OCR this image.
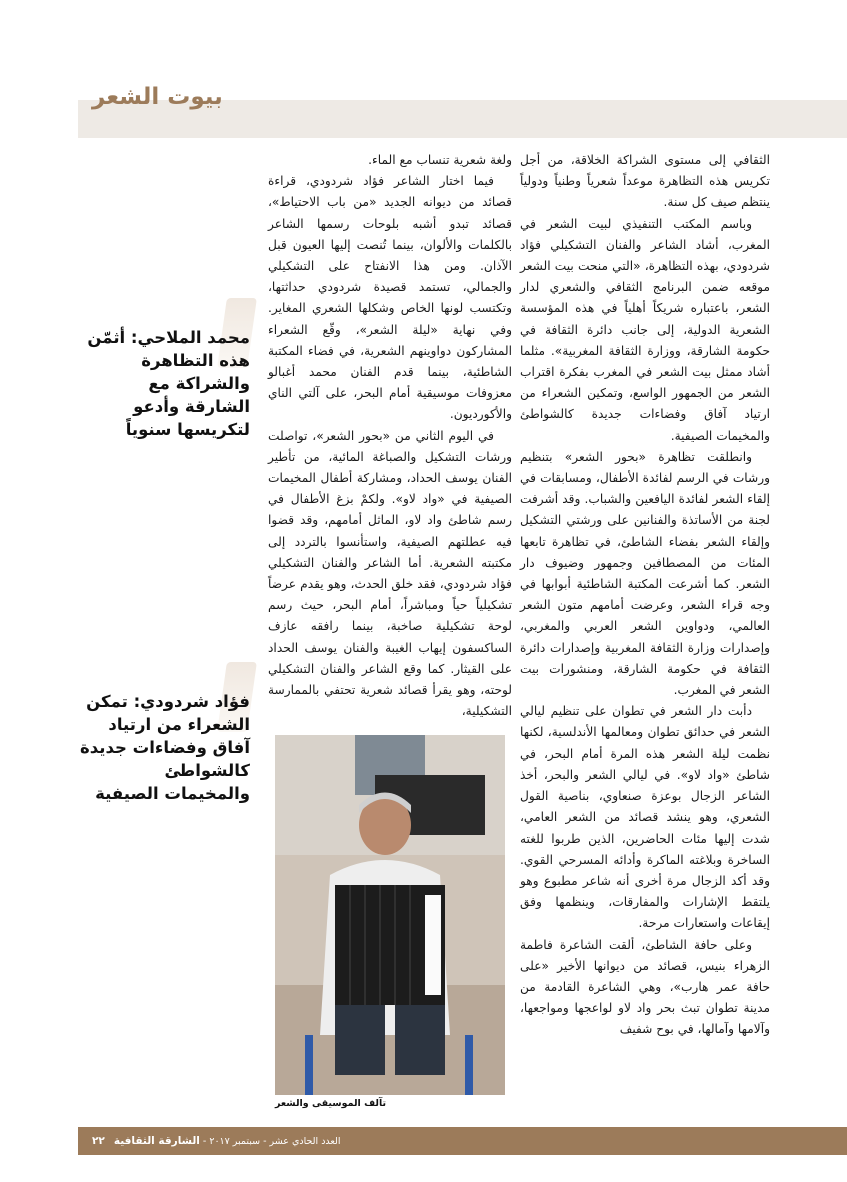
بيوت الشعر

الثقافي إلى مستوى الشراكة الخلاقة، من أجل تكريس هذه التظاهرة موعداً شعرياً وطنياً ودولياً ينتظم صيف كل سنة.

وباسم المكتب التنفيذي لبيت الشعر في المغرب، أشاد الشاعر والفنان التشكيلي فؤاد شردودي، بهذه التظاهرة، «التي منحت بيت الشعر موقعه ضمن البرنامج الثقافي والشعري لدار الشعر، باعتباره شريكاً أهلياً في هذه المؤسسة الشعرية الدولية، إلى جانب دائرة الثقافة في حكومة الشارقة، ووزارة الثقافة المغربية». مثلما أشاد ممثل بيت الشعر في المغرب بفكرة اقتراب الشعر من الجمهور الواسع، وتمكين الشعراء من ارتياد آفاق وفضاءات جديدة كالشواطئ والمخيمات الصيفية.

وانطلقت تظاهرة «بحور الشعر» بتنظيم ورشات في الرسم لفائدة الأطفال، ومسابقات في إلقاء الشعر لفائدة اليافعين والشباب. وقد أشرفت لجنة من الأساتذة والفنانين على ورشتي التشكيل وإلقاء الشعر بفضاء الشاطئ، في تظاهرة تابعها المئات من المصطافين وجمهور وضيوف دار الشعر. كما أشرعت المكتبة الشاطئية أبوابها في وجه قراء الشعر، وعرضت أمامهم متون الشعر العالمي، ودواوين الشعر العربي والمغربي، وإصدارات وزارة الثقافة المغربية وإصدارات دائرة الثقافة في حكومة الشارقة، ومنشورات بيت الشعر في المغرب.

دأبت دار الشعر في تطوان على تنظيم ليالي الشعر في حدائق تطوان ومعالمها الأندلسية، لكنها نظمت ليلة الشعر هذه المرة أمام البحر، في شاطئ «واد لاو». في ليالي الشعر والبحر، أخذ الشاعر الزجال بوعزة صنعاوي، بناصية القول الشعري، وهو ينشد قصائد من الشعر العامي، شدت إليها مئات الحاضرين، الذين طربوا للغته الساخرة وبلاغته الماكرة وأدائه المسرحي القوي. وقد أكد الزجال مرة أخرى أنه شاعر مطبوع وهو يلتقط الإشارات والمفارقات، وينظمها وفق إيقاعات واستعارات مرحة.

وعلى حافة الشاطئ، ألقت الشاعرة فاطمة الزهراء بنيس، قصائد من ديوانها الأخير «على حافة عمر هارب»، وهي الشاعرة القادمة من مدينة تطوان تبث بحر واد لاو لواعجها ومواجعها، وآلامها وآمالها، في بوح شفيف

ولغة شعرية تنساب مع الماء.

فيما اختار الشاعر فؤاد شردودي، قراءة قصائد من ديوانه الجديد «من باب الاحتياط»، قصائد تبدو أشبه بلوحات رسمها الشاعر بالكلمات والألوان، بينما تُنصت إليها العيون قبل الآذان. ومن هذا الانفتاح على التشكيلي والجمالي، تستمد قصيدة شردودي حداثتها، وتكتسب لونها الخاص وشكلها الشعري المغاير. وفي نهاية «ليلة الشعر»، وقّع الشعراء المشاركون دواوينهم الشعرية، في فضاء المكتبة الشاطئية، بينما قدم الفنان محمد أغبالو معزوفات موسيقية أمام البحر، على آلتي الناي والأكورديون.

في اليوم الثاني من «بحور الشعر»، تواصلت ورشات التشكيل والصباغة المائية، من تأطير الفنان يوسف الحداد، ومشاركة أطفال المخيمات الصيفية في «واد لاو». ولكمْ بزغ الأطفال في رسم شاطئ واد لاو، الماثل أمامهم، وقد قضوا فيه عطلتهم الصيفية، واستأنسوا بالتردد إلى مكتبته الشعرية. أما الشاعر والفنان التشكيلي فؤاد شردودي، فقد خلق الحدث، وهو يقدم عرضاً تشكيلياً حياً ومباشراً، أمام البحر، حيث رسم لوحة تشكيلية صاخبة، بينما رافقه عازف الساكسفون إيهاب الغيبة والفنان يوسف الحداد على القيثار. كما وقع الشاعر والفنان التشكيلي لوحته، وهو يقرأ قصائد شعرية تحتفي بالممارسة التشكيلية،

محمد الملاحي: أثمّن هذه التظاهرة والشراكة مع الشارقة وأدعو لتكريسها سنوياً
فؤاد شردودي: تمكن الشعراء من ارتياد آفاق وفضاءات جديدة كالشواطئ والمخيمات الصيفية
تآلف الموسيقى والشعر
العدد الحادي عشر - سبتمبر ٢٠١٧ - الشارقة الثقافية   ٢٢
